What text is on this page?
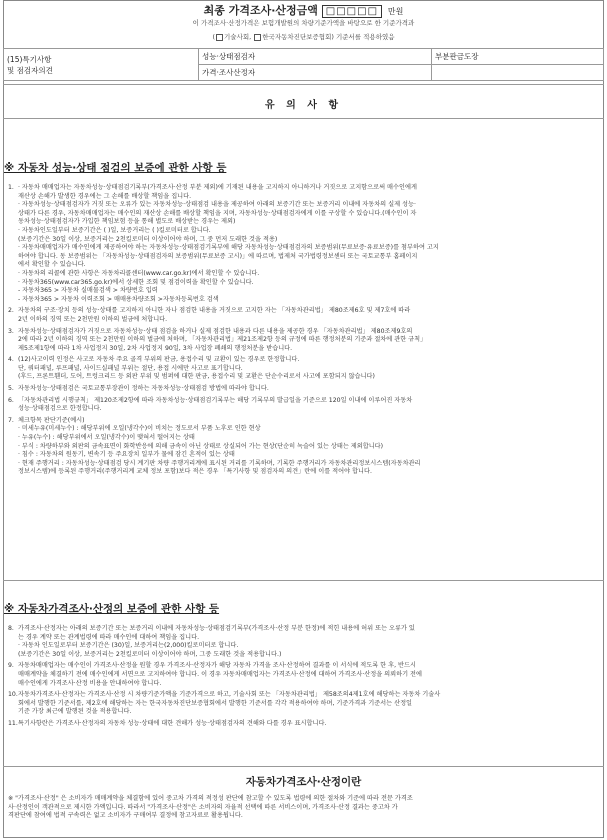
최종 가격조사·산정금액 □□□□□ 만원
이 가격조사·산정가격은 보험개발원의 차량기준가액을 바탕으로 한 기준가격과
( 기술사회, 한국자동차진단보증협회) 기준서를 적용하였음
(15)특기사항
및 점검자의견	성능·상태점검자	부분판금도장
	가격·조사산정자	
유 의 사 항
※ 자동차 성능·상태 점검의 보증에 관한 사항 등
1. · 자동차 매매업자는 자동차성능·상태점검기록부(가격조사·산정 부분 제외)에 기재된 내용을 고지하지 아니하거나 거짓으로 고지함으로써 매수인에게

재산상 손해가 발생한 경우에는 그 손해를 배상할 책임을 집니다.

· 자동차성능·상태점검자가 거짓 또는 오류가 있는 자동차성능·상태점검 내용을 제공하여 아래의 보증기간 또는 보증거리 이내에 자동차의 실제 성능·

상태가 다른 경우, 자동차매매업자는 매수인의 재산상 손해를 배상할 책임을 지며, 자동차성능·상태점검자에게 이를 구상할 수 있습니다.(매수인이 자

동차성능·상태점검자가 가입한 책임보험 등을 통해 별도로 배상받는 경우는 제외)

· 자동차인도일부터 보증기간은 ( )일, 보증거리는 ( )킬로미터로 합니다.

(보증기간은 30일 이상, 보증거리는 2천킬로미터 이상이어야 하며, 그 중 먼저 도래한 것을 적용)

· 자동차매매업자가 매수인에게 제공하여야 하는 자동차성능·상태점검기록부에 해당 자동차성능·상태점검자의 보증범위(무료보증·유료보증)를 첨부하여 고지

하여야 합니다. 동 보증범위는 「자동차성능·상태점검자의 보증범위(무료보증 고시)」에 따르며, 법제처 국가법령정보센터 또는 국토교통부 홈페이지

에서 확인할 수 있습니다.

· 자동차의 리콜에 관한 사항은 자동차리콜센터(www.car.go.kr)에서 확인할 수 있습니다.

· 자동차365(www.car365.go.kr)에서 상세한 조회 및 점검이력을 확인할 수 있습니다.

- 자동차365 > 자동차 실매물검색 > 차량번호 입력

- 자동차365 > 자동차 이력조회 > 매매용차량조회 >자동차등록번호 검색

2. 자동차의 구조·장치 등의 성능·상태를 고지하지 아니한 자나 점검한 내용을 거짓으로 고지한 자는 「자동차관리법」 제80조제6호 및 제7호에 따라

2년 이하의 징역 또는 2천만원 이하의 벌금에 처합니다.

3. 자동차성능·상태점검자가 거짓으로 자동차성능·상태 점검을 하거나 실제 점검한 내용과 다른 내용을 제공한 경우 「자동차관리법」 제80조제9호의

2에 따라 2년 이하의 징역 또는 2천만원 이하의 벌금에 처하며, 「자동차관리법」제21조제2항 등의 규정에 따른 행정처분의 기준과 절차에 관한 규칙」

제5조제1항에 따라 1차 사업정지 30일, 2차 사업정지 90일, 3차 사업장 폐쇄의 행정처분을 받습니다.

4. (12)사고이력 인정은 사고로 자동차 주요 골격 부위의 판금, 용접수리 및 교환이 있는 경우로 한정합니다.

단, 쿼터패널, 루프패널, 사이드실패널 부위는 절단, 용접 시에만 사고로 표기합니다.

(후드, 프론트휀더, 도어, 트렁크리드 등 외판 부위 및 범퍼에 대한 판금, 용접수리 및 교환은 단순수리로서 사고에 포함되지 않습니다)

5. 자동차성능·상태점검은 국토교통부장관이 정하는 자동차성능·상태점검 방법에 따라야 합니다.

6. 「자동차관리법 시행규칙」 제120조제2항에 따라 자동차성능·상태점검기록부는 해당 기록부의 발급일을 기준으로 120일 이내에 이루어진 자동차

성능·상태점검으로 한정합니다.

7. 체크항목 판단기준(예시)

· 미세누유(미세누수) : 해당부위에 오일(냉각수)이 비치는 정도로서 부품 노후로 인한 현상

· 누유(누수) : 해당부위에서 오일(냉각수)이 맺혀서 떨어지는 상태

· 부식 : 차량하부와 외판의 금속표면이 화학반응에 의해 금속이 아닌 상태로 상실되어 가는 현상(단순히 녹슬어 있는 상태는 제외합니다)

· 침수 : 자동차의 원동기, 변속기 등 주요장치 일부가 물에 잠긴 흔적이 있는 상태

· 현재 주행거리 : 자동차성능·상태점검 당시 계기판 차량 주행거리계에 표시된 거리를 기록하며, 기록한 주행거리가 자동차관리정보시스템(자동차관리

정보시스템)에 등록된 주행거리(주행거리계 교체 정보 포함)보다 적은 경우 「특기사항 및 점검자의 의견」란에 이를 적어야 합니다.

※ 자동차가격조사·산정의 보증에 관한 사항 등
8. 가격조사·산정자는 아래의 보증기간 또는 보증거리 이내에 자동차성능·상태점검기록부(가격조사·산정 부분 한정)에 적힌 내용에 허위 또는 오류가 있

는 경우 계약 또는 관계법령에 따라 매수인에 대하여 책임을 집니다.

· 자동차 인도일로부터 보증기간은 (30)일, 보증거리는(2,000)킬로미터로 합니다.

(보증기간은 30일 이상, 보증거리는 2천킬로미터 이상이어야 하며, 그중 도래한 것을 적용합니다.)

9. 자동차매매업자는 매수인이 가격조사·산정을 원할 경우 가격조사·산정자가 해당 자동차 가격을 조사·산정하여 결과를 이 서식에 적도록 한 후, 반드시

매매계약을 체결하기 전에 매수인에게 서면으로 고지하여야 합니다. 이 경우 자동차매매업자는 가격조사·산정에 대하여 가격조사·산정을 의뢰하기 전에

매수인에게 가격조사·산정 비용을 안내하여야 합니다.

10. 자동차가격조사·산정자는 가격조사·산정 시 차량기준가액을 기준가격으로 하고, 기술사회 또는 「자동차관리법」 제58조의4제1호에 해당하는 자동차 기술사

회에서 발행한 기준서를, 제2호에 해당하는 자는 한국자동차진단보증협회에서 발행한 기준서를 각각 적용하여야 하며, 기준가격과 기준서는 산정일

기준 가장 최근에 발행된 것을 적용합니다.

11. 특기사항란은 가격조사·산정자의 자동차 성능·상태에 대한 견해가 성능·상태점검자의 견해와 다를 경우 표시합니다.

자동차가격조사·산정이란

※ "가격조사·산정" 은 소비자가 매매계약을 체결함에 있어 중고차 가격의 적정성 판단에 참고할 수 있도록 법령에 의한 절차와 기준에 따라 전문 가격조

사·산정인이 객관적으로 제시한 가액입니다. 따라서 "가격조사·산정"은 소비자의 자율적 선택에 따른 서비스이며, 가격조사·산정 결과는 중고차 가

격판단에 참여에 법적 구속력은 없고 소비자가 구매여부 결정에 참고자료로 활용됩니다.
